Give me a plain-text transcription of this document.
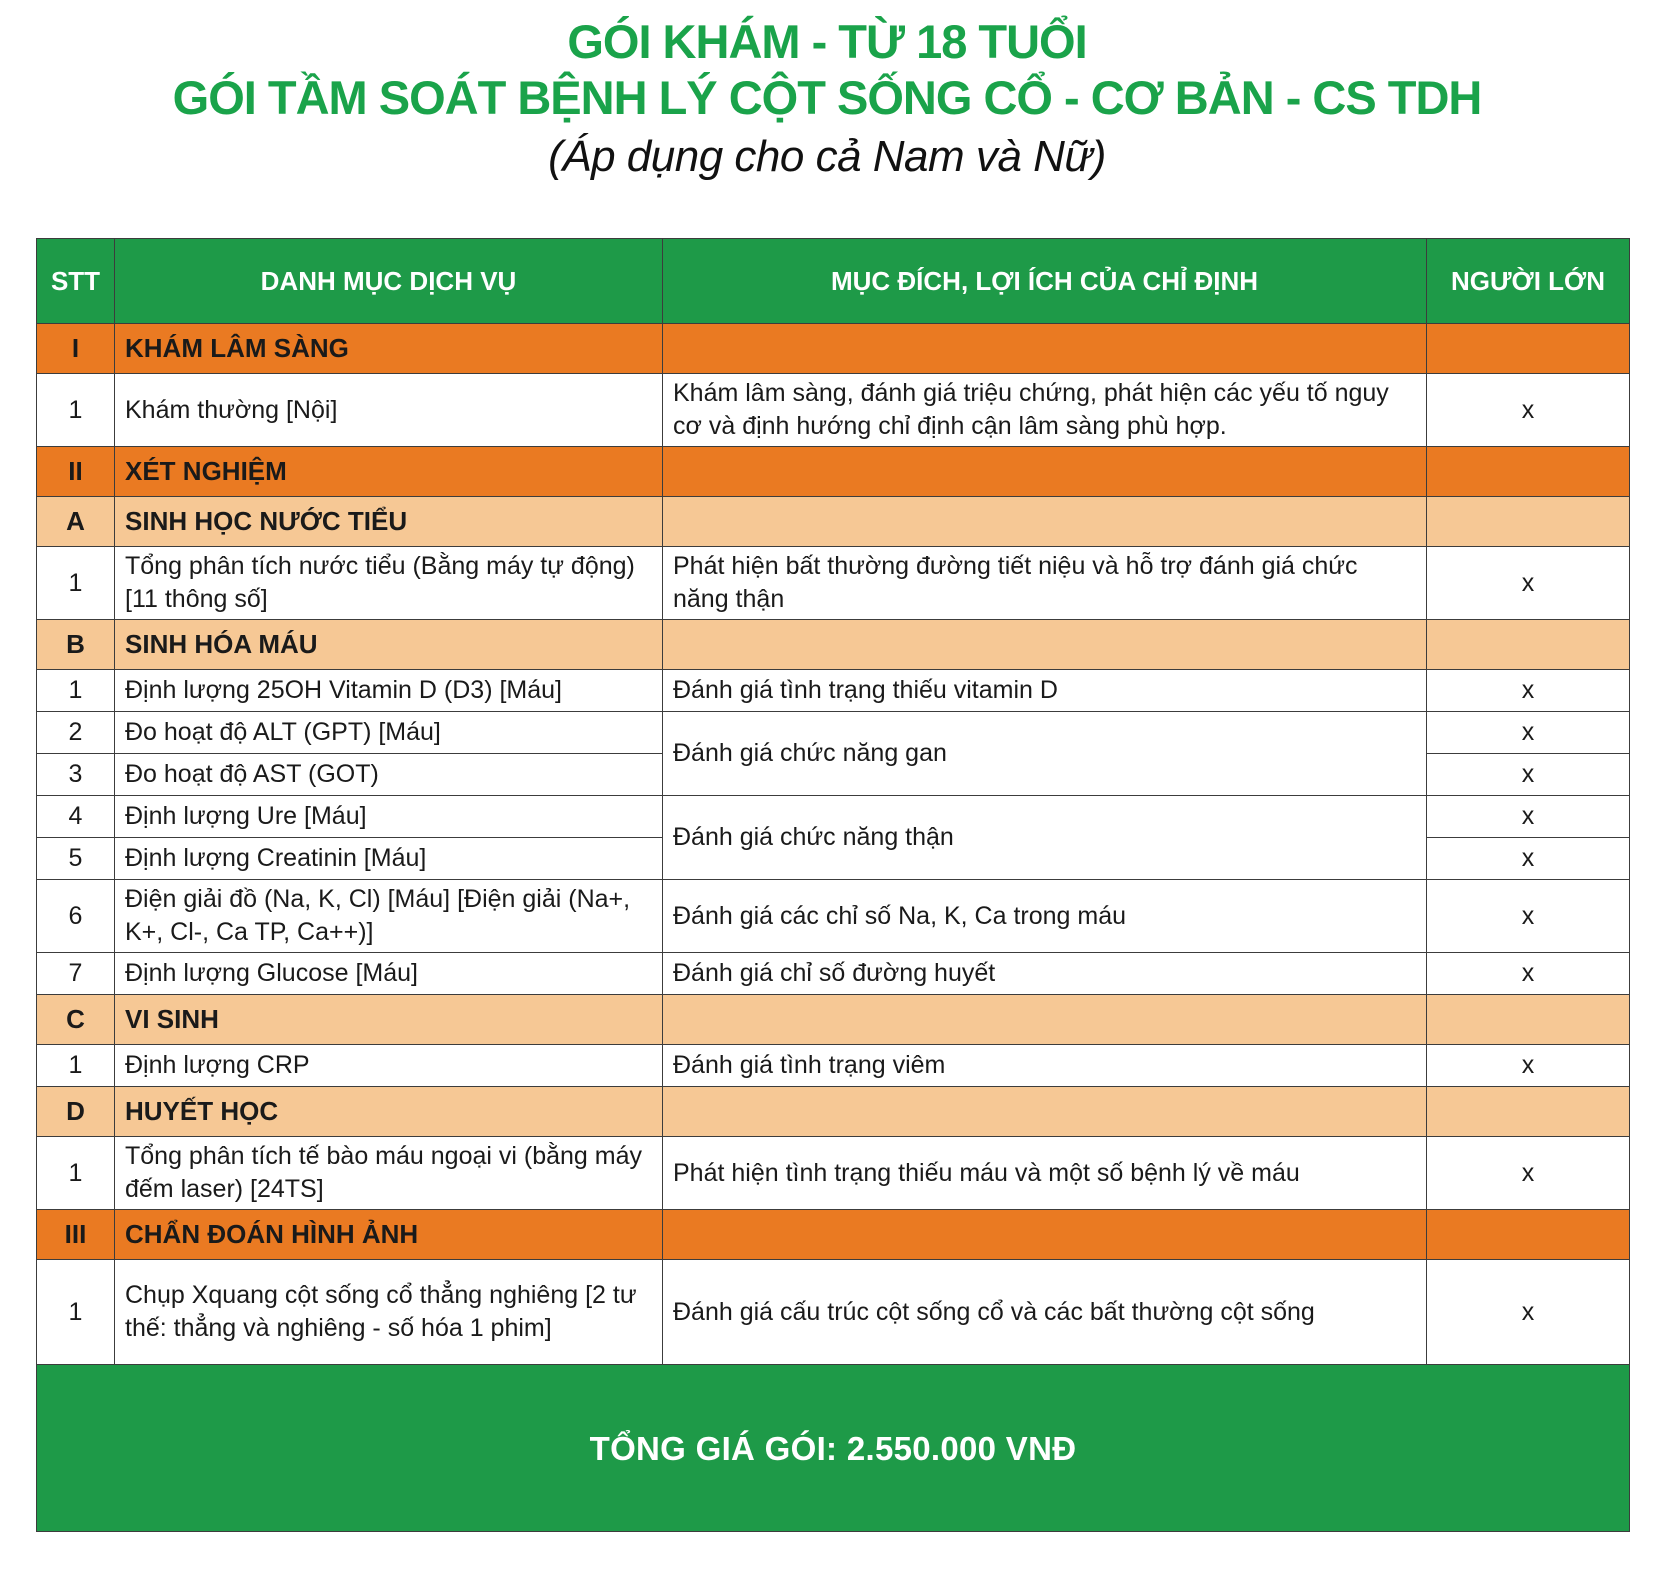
GÓI KHÁM - TỪ 18 TUỔI
GÓI TẦM SOÁT BỆNH LÝ CỘT SỐNG CỔ - CƠ BẢN - CS TDH
(Áp dụng cho cả Nam và Nữ)
STT	DANH MỤC DỊCH VỤ	MỤC ĐÍCH, LỢI ÍCH CỦA CHỈ ĐỊNH	NGƯỜI LỚN
I	KHÁM LÂM SÀNG		
1	Khám thường [Nội]	Khám lâm sàng, đánh giá triệu chứng, phát hiện các yếu tố nguy cơ và định hướng chỉ định cận lâm sàng phù hợp.	x
II	XÉT NGHIỆM		
A	SINH HỌC NƯỚC TIỂU		
1	Tổng phân tích nước tiểu (Bằng máy tự động) [11 thông số]	Phát hiện bất thường đường tiết niệu và hỗ trợ đánh giá chức năng thận	x
B	SINH HÓA MÁU		
1	Định lượng 25OH Vitamin D (D3) [Máu]	Đánh giá tình trạng thiếu vitamin D	x
2	Đo hoạt độ ALT (GPT) [Máu]	Đánh giá chức năng gan	x
3	Đo hoạt độ AST (GOT)		x
4	Định lượng Ure [Máu]	Đánh giá chức năng thận	x
5	Định lượng Creatinin [Máu]		x
6	Điện giải đồ (Na, K, Cl) [Máu] [Điện giải (Na+, K+, Cl-, Ca TP, Ca++)]	Đánh giá các chỉ số Na, K, Ca trong máu	x
7	Định lượng Glucose [Máu]	Đánh giá chỉ số đường huyết	x
C	VI SINH		
1	Định lượng CRP	Đánh giá tình trạng viêm	x
D	HUYẾT HỌC		
1	Tổng phân tích tế bào máu ngoại vi (bằng máy đếm laser) [24TS]	Phát hiện tình trạng thiếu máu và một số bệnh lý về máu	x
III	CHẨN ĐOÁN HÌNH ẢNH		
1	Chụp Xquang cột sống cổ thẳng nghiêng [2 tư thế: thẳng và nghiêng - số hóa 1 phim]	Đánh giá cấu trúc cột sống cổ và các bất thường cột sống	x
TỔNG GIÁ GÓI: 2.550.000 VNĐ			
